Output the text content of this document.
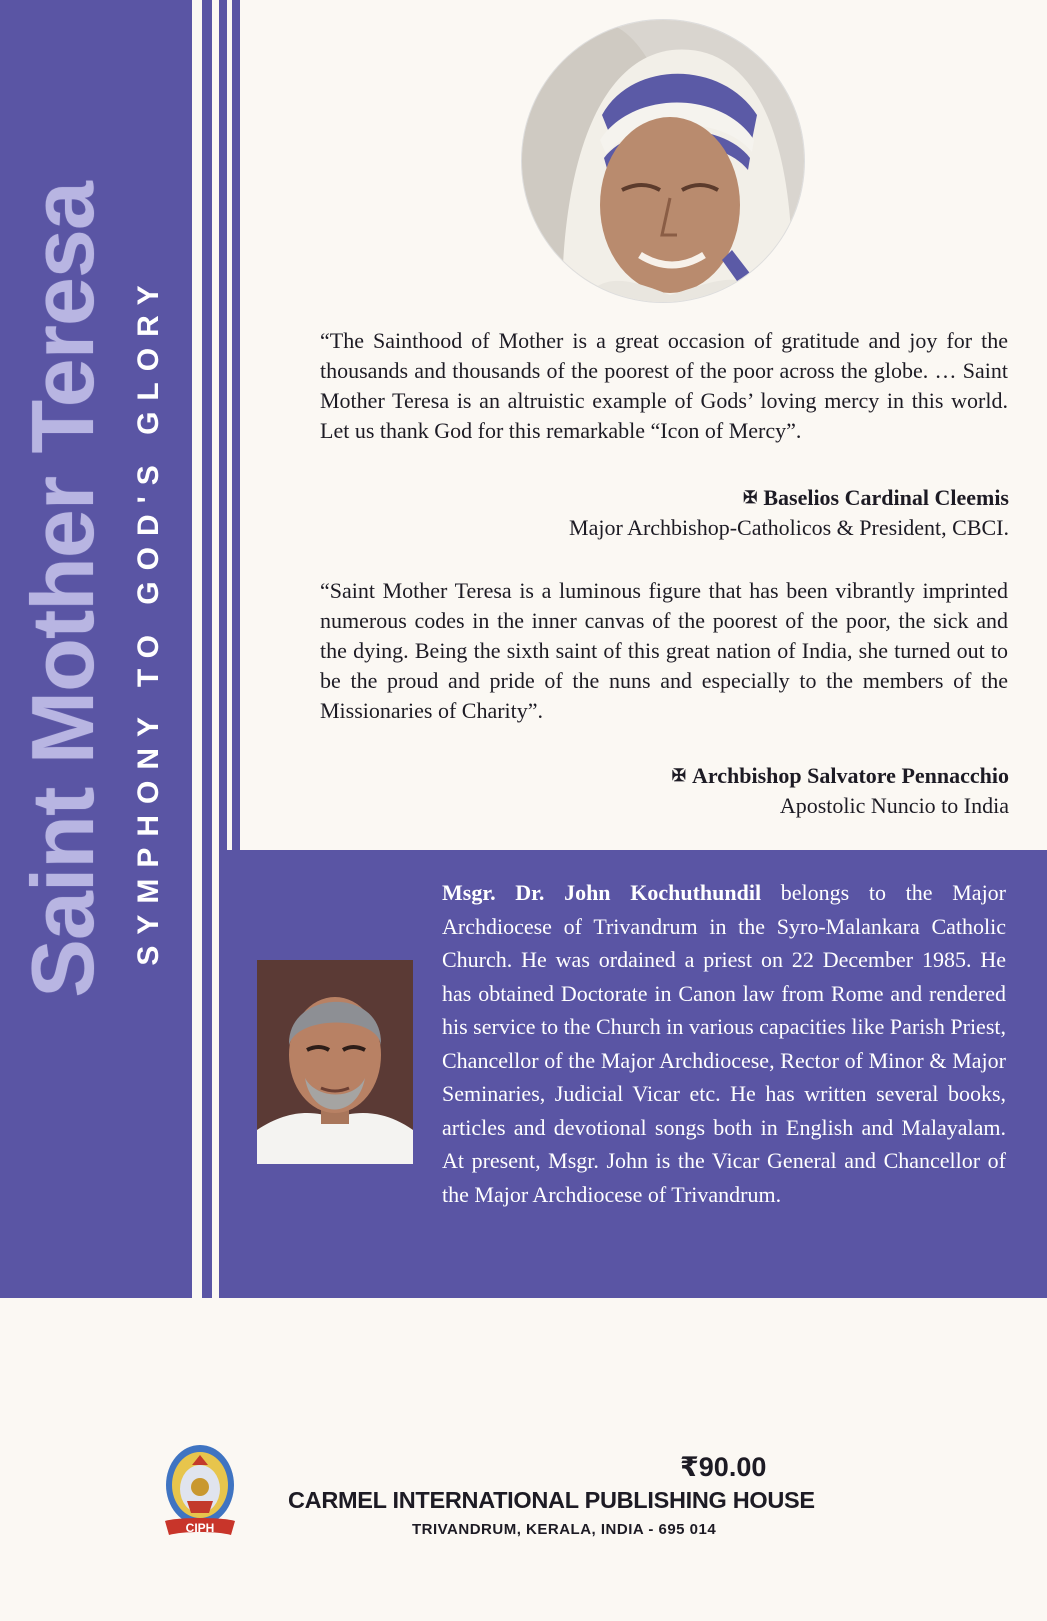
Saint Mother Teresa SYMPHONY TO GOD'S GLORY	“The Sainthood of Mother is a great occasion of gratitude and joy for the thousands and thousands of the poorest of the poor across the globe. … Saint Mother Teresa is an altruistic example of Gods’ loving mercy in this world. Let us thank God for this remarkable “Icon of Mercy”.
✠ Baselios Cardinal Cleemis
Major Archbishop-Catholicos & President, CBCI.
“Saint Mother Teresa is a luminous figure that has been vibrantly imprinted numerous codes in the inner canvas of the poorest of the poor, the sick and the dying. Being the sixth saint of this great nation of India, she turned out to be the proud and pride of the nuns and especially to the members of the Missionaries of Charity”.
✠ Archbishop Salvatore Pennacchio
Apostolic Nuncio to India
Msgr. Dr. John Kochuthundil belongs to the Major Archdiocese of Trivandrum in the Syro-Malankara Catholic Church. He was ordained a priest on 22 December 1985. He has obtained Doctorate in Canon law from Rome and rendered his service to the Church in various capacities like Parish Priest, Chancellor of the Major Archdiocese, Rector of Minor & Major Seminaries, Judicial Vicar etc. He has written several books, articles and devotional songs both in English and Malayalam. At present, Msgr. John is the Vicar General and Chancellor of the Major Archdiocese of Trivandrum.
CIPH
₹90.00
CARMEL INTERNATIONAL PUBLISHING HOUSE
TRIVANDRUM, KERALA, INDIA - 695 014
